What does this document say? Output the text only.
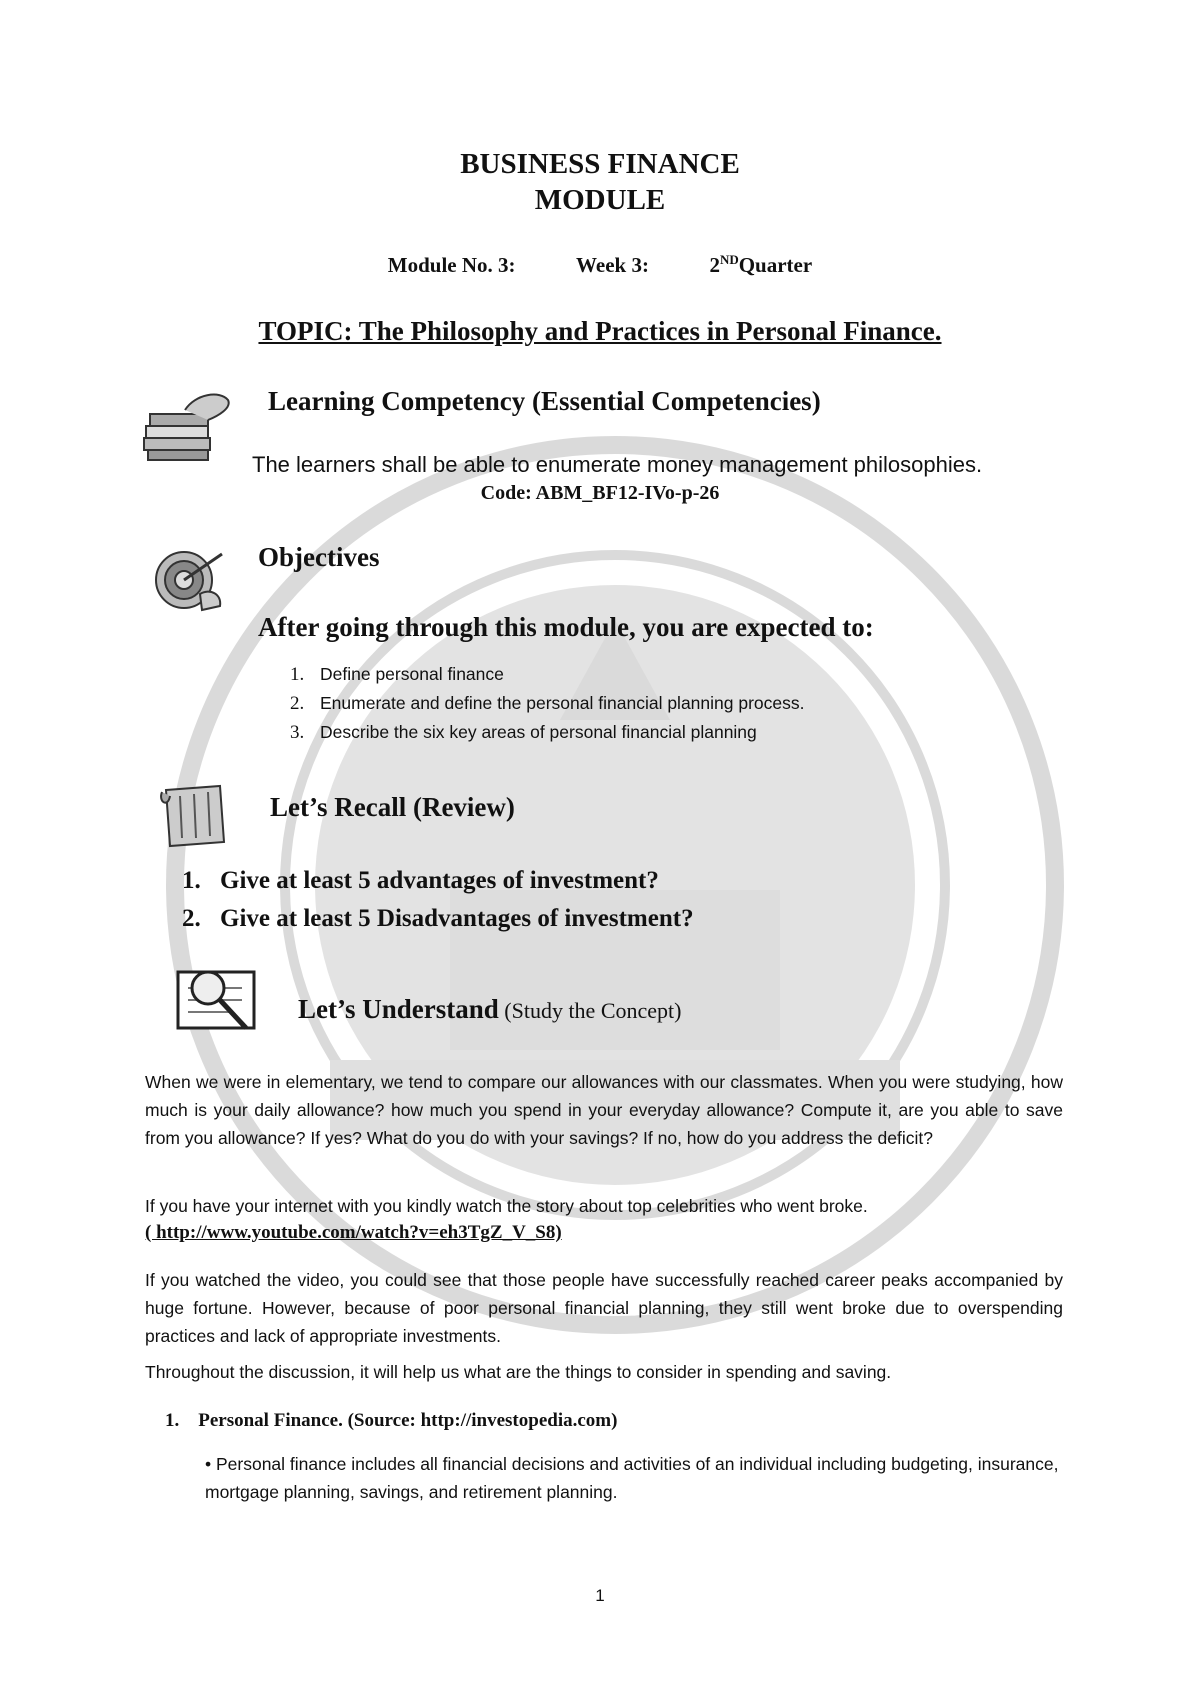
BUSINESS FINANCE
MODULE
Module No. 3:	Week 3:	2NDQuarter
TOPIC: The Philosophy and Practices in Personal Finance.
Learning Competency (Essential Competencies)
The learners shall be able to enumerate money management philosophies.
Code: ABM_BF12-IVo-p-26
Objectives
After going through this module, you are expected to:
1. Define personal finance
2. Enumerate and define the personal financial planning process.
3. Describe the six key areas of personal financial planning
Let’s Recall (Review)
1. Give at least 5 advantages of investment?
2. Give at least 5 Disadvantages of investment?
Let’s Understand (Study the Concept)

When we were in elementary, we tend to compare our allowances with our classmates. When you were studying, how much is your daily allowance? how much you spend in your everyday allowance? Compute it, are you able to save from you allowance? If yes? What do you do with your savings? If no, how do you address the deficit?

If you have your internet with you kindly watch the story about top celebrities who went broke.

( http://www.youtube.com/watch?v=eh3TgZ_V_S8)

If you watched the video, you could see that those people have successfully reached career peaks accompanied by huge fortune. However, because of poor personal financial planning, they still went broke due to overspending practices and lack of appropriate investments.

Throughout the discussion, it will help us what are the things to consider in spending and saving.

1. Personal Finance. (Source: http://investopedia.com)
• Personal finance includes all financial decisions and activities of an individual including budgeting, insurance, mortgage planning, savings, and retirement planning.
1
